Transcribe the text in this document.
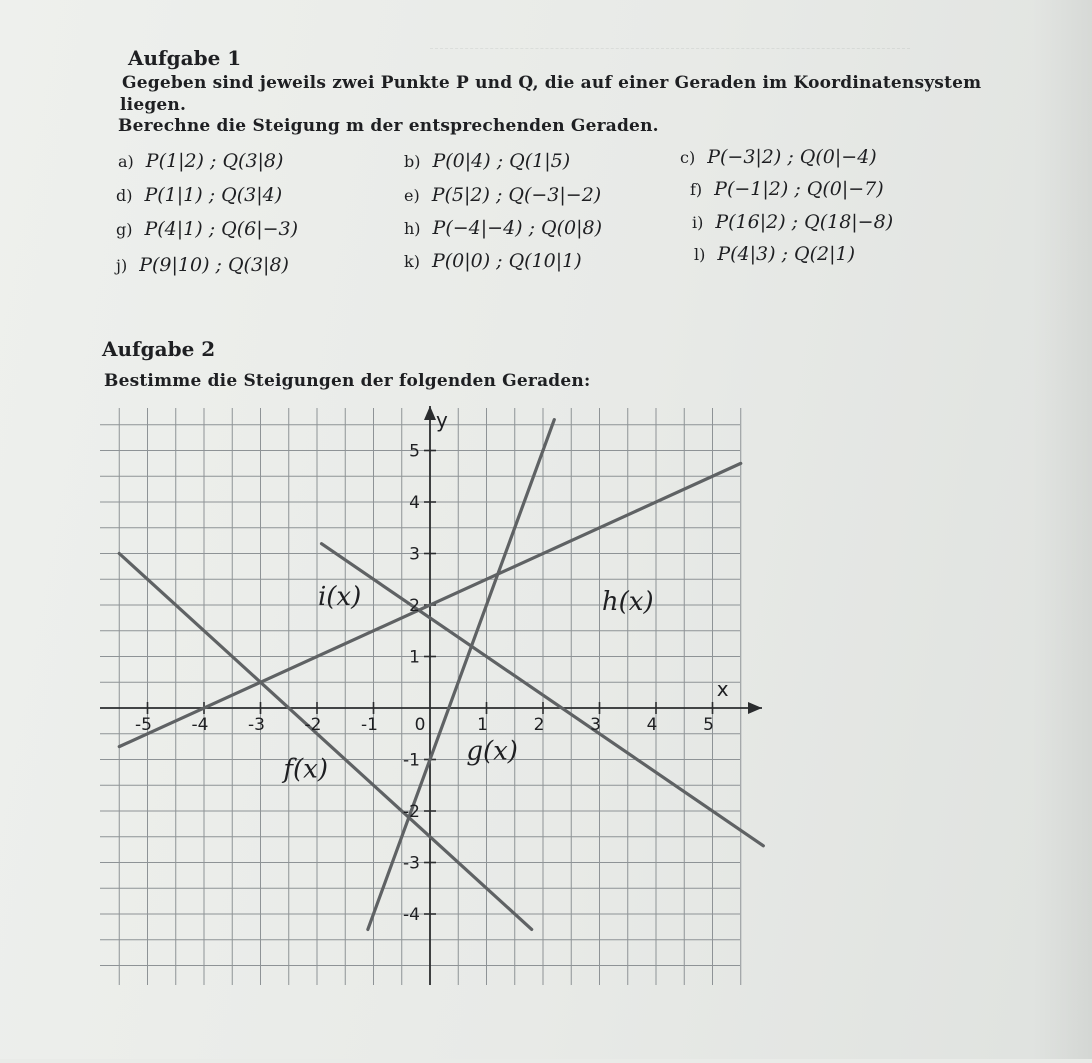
Aufgabe 1
Gegeben sind jeweils zwei Punkte P und Q, die auf einer Geraden im Koordinatensystem
liegen.
Berechne die Steigung m der entsprechenden Geraden.
a) P(1|2) ; Q(3|8)	b) P(0|4) ; Q(1|5)	c) P(−3|2) ; Q(0|−4)
d) P(1|1) ; Q(3|4)	e) P(5|2) ; Q(−3|−2)	f) P(−1|2) ; Q(0|−7)
g) P(4|1) ; Q(6|−3)	h) P(−4|−4) ; Q(0|8)	i) P(16|2) ; Q(18|−8)
j) P(9|10) ; Q(3|8)	k) P(0|0) ; Q(10|1)	l) P(4|3) ; Q(2|1)
Aufgabe 2
Bestimme die Steigungen der folgenden Geraden:
-5 -4 -3 -2 -1 0	1	2	3	4	5
5
4
3
2
1
-1
-2
-3
-4
x
y
i(x)	h(x)
g(x)
f(x)
